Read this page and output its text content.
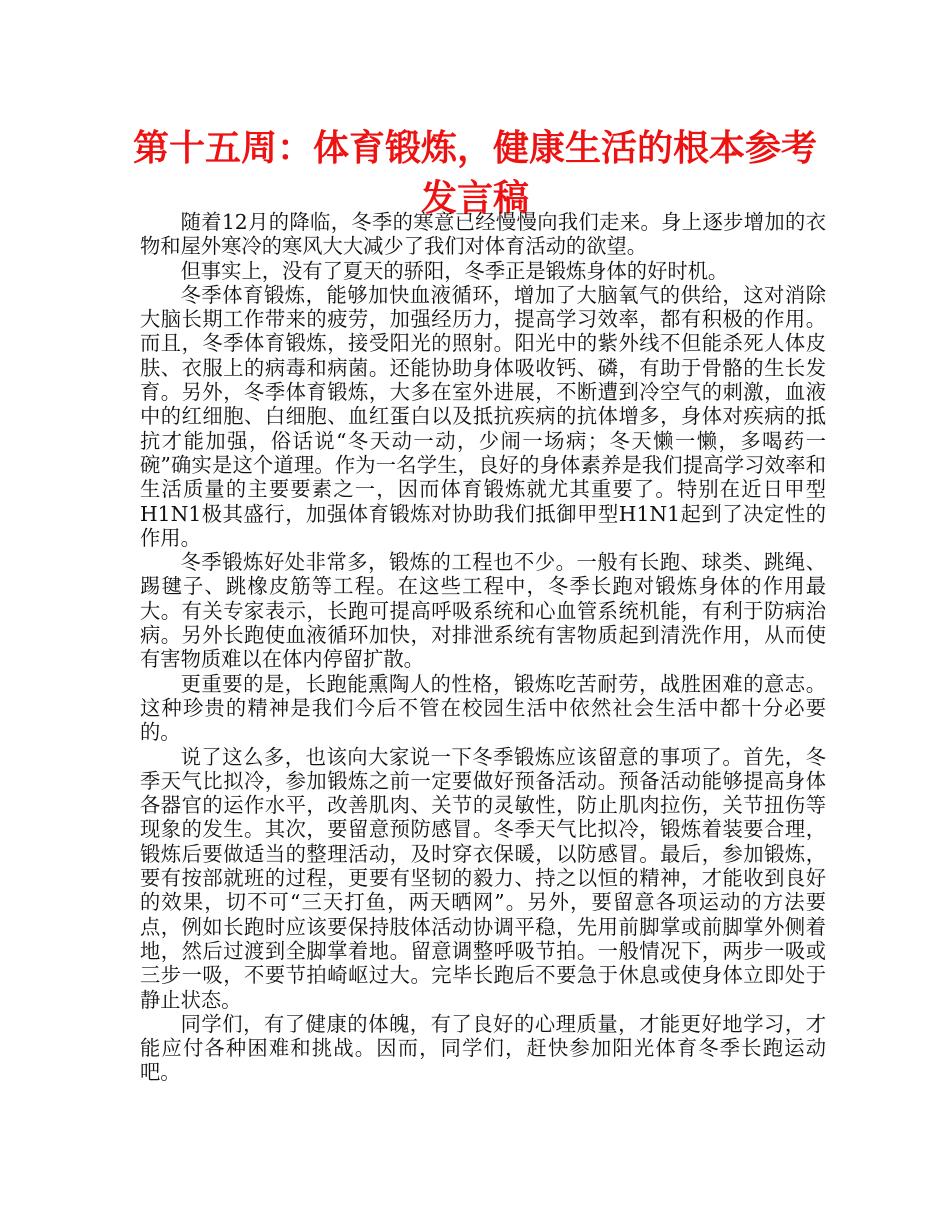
第十五周：体育锻炼，健康生活的根本参考发言稿

随着12月的降临，冬季的寒意已经慢慢向我们走来。身上逐步增加的衣物和屋外寒冷的寒风大大减少了我们对体育活动的欲望。

但事实上，没有了夏天的骄阳，冬季正是锻炼身体的好时机。

冬季体育锻炼，能够加快血液循环，增加了大脑氧气的供给，这对消除大脑长期工作带来的疲劳，加强经历力，提高学习效率，都有积极的作用。而且，冬季体育锻炼，接受阳光的照射。阳光中的紫外线不但能杀死人体皮肤、衣服上的病毒和病菌。还能协助身体吸收钙、磷，有助于骨骼的生长发育。另外，冬季体育锻炼，大多在室外进展，不断遭到冷空气的刺激，血液中的红细胞、白细胞、血红蛋白以及抵抗疾病的抗体增多，身体对疾病的抵抗才能加强，俗话说“冬天动一动，少闹一场病；冬天懒一懒，多喝药一碗”确实是这个道理。作为一名学生，良好的身体素养是我们提高学习效率和生活质量的主要要素之一，因而体育锻炼就尤其重要了。特别在近日甲型H1N1极其盛行，加强体育锻炼对协助我们抵御甲型H1N1起到了决定性的作用。

冬季锻炼好处非常多，锻炼的工程也不少。一般有长跑、球类、跳绳、踢毽子、跳橡皮筋等工程。在这些工程中，冬季长跑对锻炼身体的作用最大。有关专家表示，长跑可提高呼吸系统和心血管系统机能，有利于防病治病。另外长跑使血液循环加快，对排泄系统有害物质起到清洗作用，从而使有害物质难以在体内停留扩散。

更重要的是，长跑能熏陶人的性格，锻炼吃苦耐劳，战胜困难的意志。这种珍贵的精神是我们今后不管在校园生活中依然社会生活中都十分必要的。

说了这么多，也该向大家说一下冬季锻炼应该留意的事项了。首先，冬季天气比拟冷，参加锻炼之前一定要做好预备活动。预备活动能够提高身体各器官的运作水平，改善肌肉、关节的灵敏性，防止肌肉拉伤，关节扭伤等现象的发生。其次，要留意预防感冒。冬季天气比拟冷，锻炼着装要合理，锻炼后要做适当的整理活动，及时穿衣保暖，以防感冒。最后，参加锻炼，要有按部就班的过程，更要有坚韧的毅力、持之以恒的精神，才能收到良好的效果，切不可“三天打鱼，两天晒网”。另外，要留意各项运动的方法要点，例如长跑时应该要保持肢体活动协调平稳，先用前脚掌或前脚掌外侧着地，然后过渡到全脚掌着地。留意调整呼吸节拍。一般情况下，两步一吸或三步一吸，不要节拍崎岖过大。完毕长跑后不要急于休息或使身体立即处于静止状态。

同学们，有了健康的体魄，有了良好的心理质量，才能更好地学习，才能应付各种困难和挑战。因而，同学们，赶快参加阳光体育冬季长跑运动吧。
